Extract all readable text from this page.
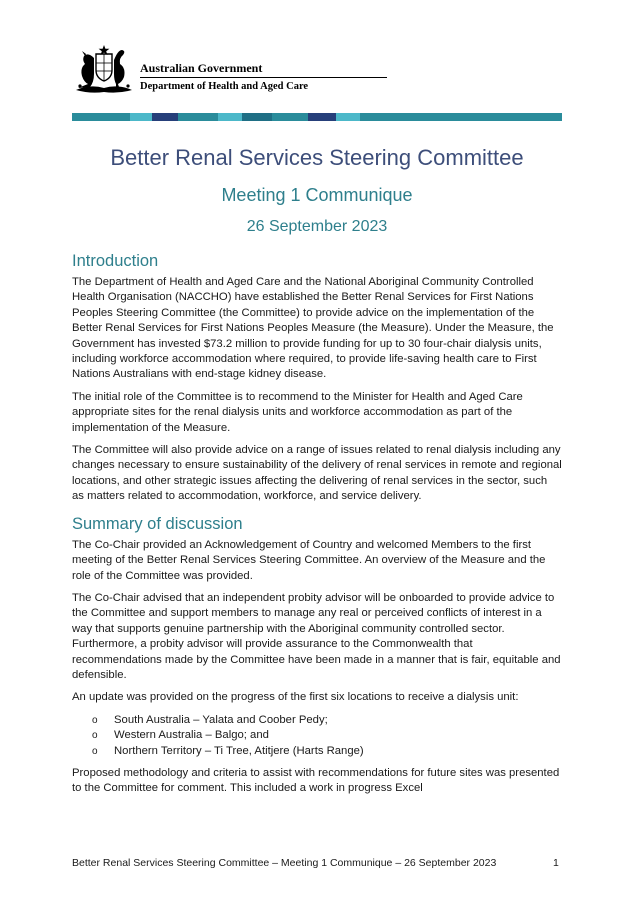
Australian Government
Department of Health and Aged Care
Better Renal Services Steering Committee
Meeting 1 Communique
26 September 2023
Introduction

The Department of Health and Aged Care and the National Aboriginal Community Controlled Health Organisation (NACCHO) have established the Better Renal Services for First Nations Peoples Steering Committee (the Committee) to provide advice on the implementation of the Better Renal Services for First Nations Peoples Measure (the Measure). Under the Measure, the Government has invested $73.2 million to provide funding for up to 30 four-chair dialysis units, including workforce accommodation where required, to provide life-saving health care to First Nations Australians with end-stage kidney disease.

The initial role of the Committee is to recommend to the Minister for Health and Aged Care appropriate sites for the renal dialysis units and workforce accommodation as part of the implementation of the Measure.

The Committee will also provide advice on a range of issues related to renal dialysis including any changes necessary to ensure sustainability of the delivery of renal services in remote and regional locations, and other strategic issues affecting the delivering of renal services in the sector, such as matters related to accommodation, workforce, and service delivery.

Summary of discussion

The Co-Chair provided an Acknowledgement of Country and welcomed Members to the first meeting of the Better Renal Services Steering Committee. An overview of the Measure and the role of the Committee was provided.

The Co-Chair advised that an independent probity advisor will be onboarded to provide advice to the Committee and support members to manage any real or perceived conflicts of interest in a way that supports genuine partnership with the Aboriginal community controlled sector. Furthermore, a probity advisor will provide assurance to the Commonwealth that recommendations made by the Committee have been made in a manner that is fair, equitable and defensible.

An update was provided on the progress of the first six locations to receive a dialysis unit:

o South Australia – Yalata and Coober Pedy;
o Western Australia – Balgo; and
o Northern Territory – Ti Tree, Atitjere (Harts Range)

Proposed methodology and criteria to assist with recommendations for future sites was presented to the Committee for comment. This included a work in progress Excel

Better Renal Services Steering Committee – Meeting 1 Communique – 26 September 2023	1
